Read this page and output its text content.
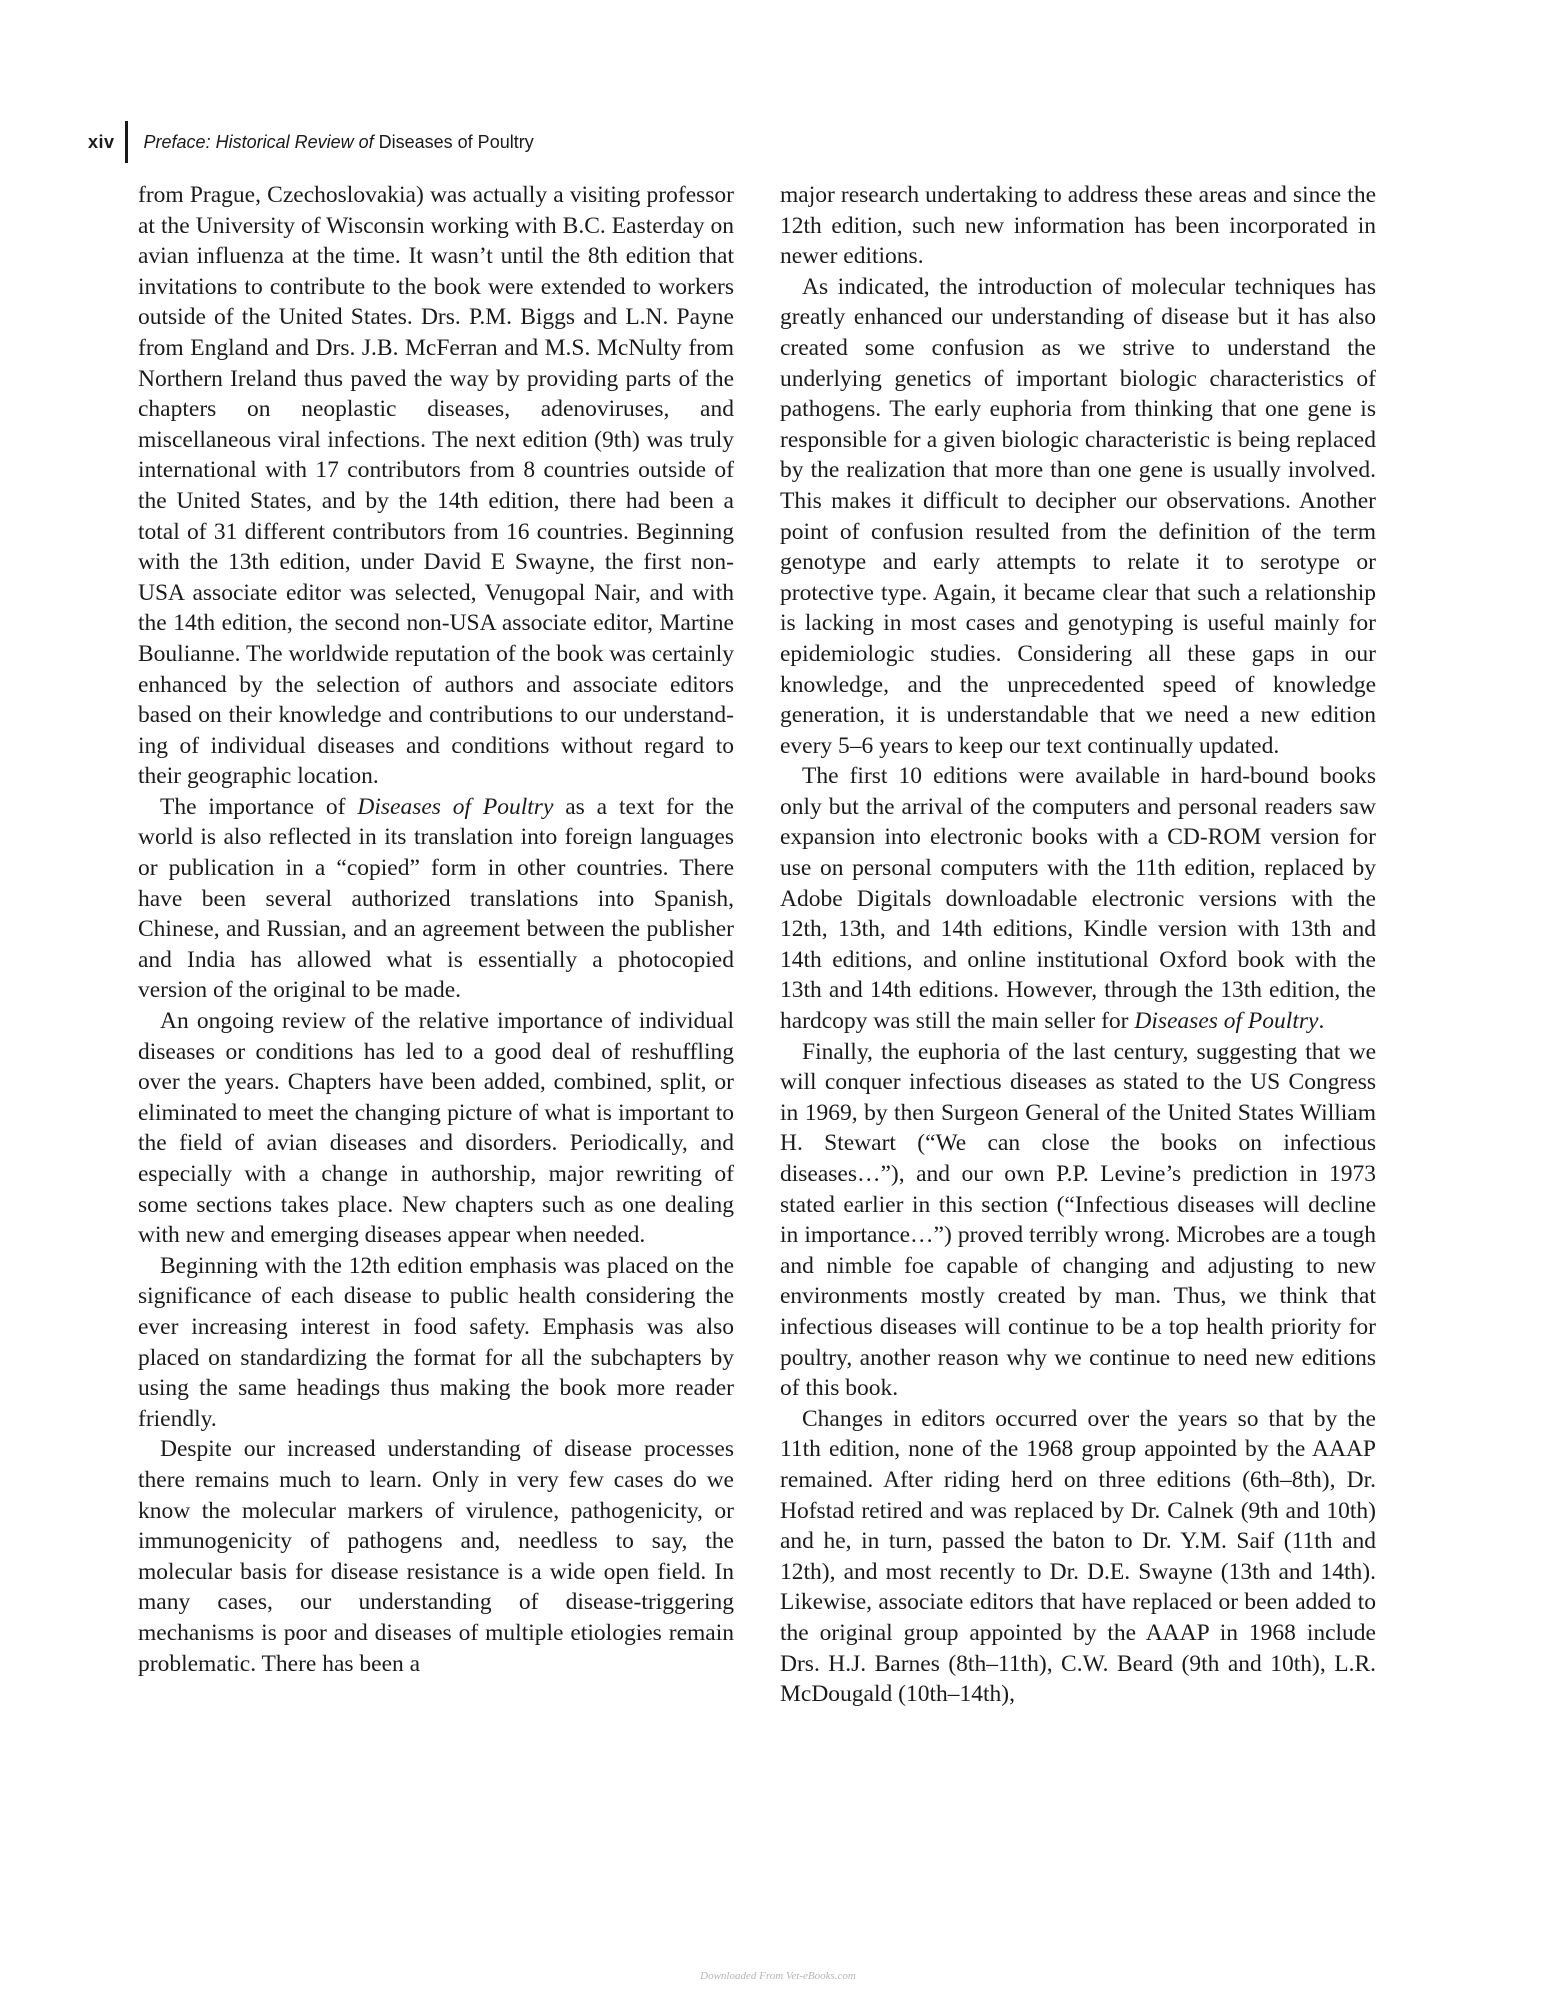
xiv Preface: Historical Review of Diseases of Poultry

from Prague, Czechoslovakia) was actually a visiting professor at the University of Wisconsin working with B.C. Easterday on avian influenza at the time. It wasn’t until the 8th edition that invitations to contribute to the book were extended to workers outside of the United States. Drs. P.M. Biggs and L.N. Payne from England and Drs. J.B. McFerran and M.S. McNulty from Northern Ireland thus paved the way by providing parts of the chapters on neoplastic diseases, adenoviruses, and miscellaneous viral infections. The next edition (9th) was truly international with 17 contributors from 8 countries outside of the United States, and by the 14th edition, there had been a total of 31 different contributors from 16 countries. Beginning with the 13th edition, under David E Swayne, the first non‐USA associate editor was selected, Venugopal Nair, and with the 14th edition, the second non‐USA associate editor, Martine Boulianne. The worldwide reputation of the book was certainly enhanced by the selection of authors and associate editors based on their knowledge and contributions to our understanding of individual diseases and conditions without regard to their geographic location.

The importance of Diseases of Poultry as a text for the world is also reflected in its translation into foreign languages or publication in a “copied” form in other countries. There have been several authorized translations into Spanish, Chinese, and Russian, and an agreement between the publisher and India has allowed what is essentially a photocopied version of the original to be made.

An ongoing review of the relative importance of individual diseases or conditions has led to a good deal of reshuffling over the years. Chapters have been added, combined, split, or eliminated to meet the changing picture of what is important to the field of avian diseases and disorders. Periodically, and especially with a change in authorship, major rewriting of some sections takes place. New chapters such as one dealing with new and emerging diseases appear when needed.

Beginning with the 12th edition emphasis was placed on the significance of each disease to public health considering the ever increasing interest in food safety. Emphasis was also placed on standardizing the format for all the subchapters by using the same headings thus making the book more reader friendly.

Despite our increased understanding of disease processes there remains much to learn. Only in very few cases do we know the molecular markers of virulence, pathogenicity, or immunogenicity of pathogens and, needless to say, the molecular basis for disease resistance is a wide open field. In many cases, our understanding of disease‐triggering mechanisms is poor and diseases of multiple etiologies remain problematic. There has been a

major research undertaking to address these areas and since the 12th edition, such new information has been incorporated in newer editions.

As indicated, the introduction of molecular techniques has greatly enhanced our understanding of disease but it has also created some confusion as we strive to understand the underlying genetics of important biologic characteristics of pathogens. The early euphoria from thinking that one gene is responsible for a given biologic characteristic is being replaced by the realization that more than one gene is usually involved. This makes it difficult to decipher our observations. Another point of confusion resulted from the definition of the term genotype and early attempts to relate it to serotype or protective type. Again, it became clear that such a relationship is lacking in most cases and genotyping is useful mainly for epidemiologic studies. Considering all these gaps in our knowledge, and the unprecedented speed of knowledge generation, it is understandable that we need a new edition every 5–6 years to keep our text continually updated.

The first 10 editions were available in hard‐bound books only but the arrival of the computers and personal readers saw expansion into electronic books with a CD‐ROM version for use on personal computers with the 11th edition, replaced by Adobe Digitals downloadable electronic versions with the 12th, 13th, and 14th editions, Kindle version with 13th and 14th editions, and online institutional Oxford book with the 13th and 14th editions. However, through the 13th edition, the hardcopy was still the main seller for Diseases of Poultry.

Finally, the euphoria of the last century, suggesting that we will conquer infectious diseases as stated to the US Congress in 1969, by then Surgeon General of the United States William H. Stewart (“We can close the books on infectious diseases…”), and our own P.P. Levine’s prediction in 1973 stated earlier in this section (“Infectious diseases will decline in importance…”) proved terribly wrong. Microbes are a tough and nimble foe capable of changing and adjusting to new environments mostly created by man. Thus, we think that infectious diseases will continue to be a top health priority for poultry, another reason why we continue to need new editions of this book.

Changes in editors occurred over the years so that by the 11th edition, none of the 1968 group appointed by the AAAP remained. After riding herd on three editions (6th–8th), Dr. Hofstad retired and was replaced by Dr. Calnek (9th and 10th) and he, in turn, passed the baton to Dr. Y.M. Saif (11th and 12th), and most recently to Dr. D.E. Swayne (13th and 14th). Likewise, associate editors that have replaced or been added to the original group appointed by the AAAP in 1968 include Drs. H.J. Barnes (8th–11th), C.W. Beard (9th and 10th), L.R. McDougald (10th–14th),

Downloaded From Vet-eBooks.com
